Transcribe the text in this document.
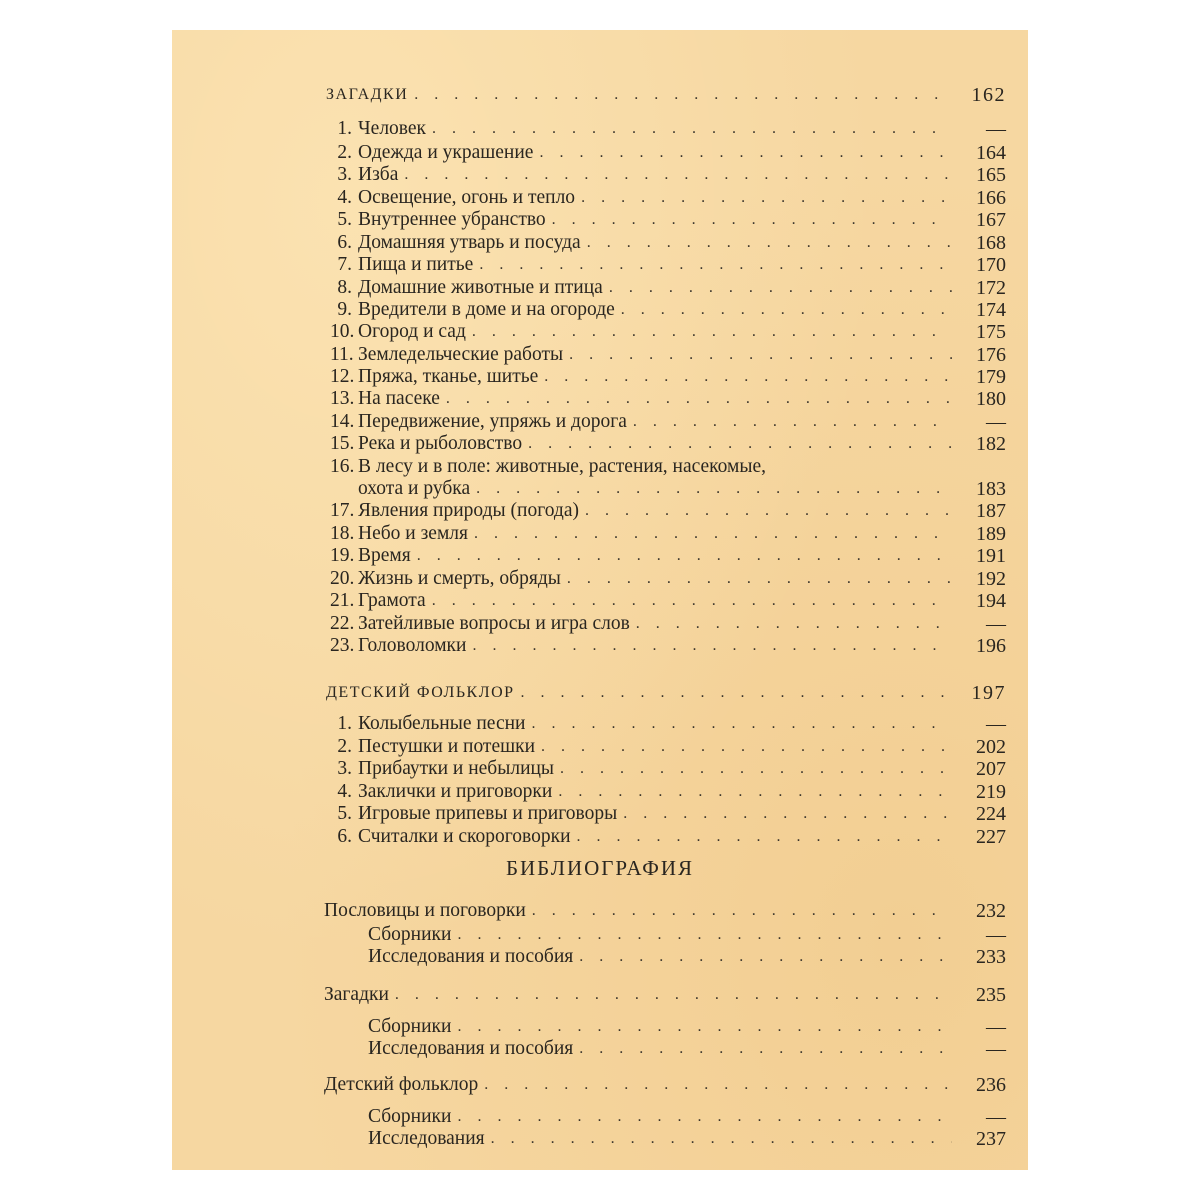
ЗАГАДКИ . . .	162
1. Человек . . .	—
2. Одежда и украшение . . .	164
3. Изба . . .	165
4. Освещение, огонь и тепло . . .	166
5. Внутреннее убранство . . .	167
6. Домашняя утварь и посуда . . .	168
7. Пища и питье . . .	170
8. Домашние животные и птица . . .	172
9. Вредители в доме и на огороде . . .	174
10. Огород и сад . . .	175
11. Земледельческие работы . . .	176
12. Пряжа, тканье, шитье . . .	179
13. На пасеке . . .	180
14. Передвижение, упряжь и дорога . . .	—
15. Река и рыболовство . . .	182
16. В лесу и в поле: животные, растения, насекомые,
охота и рубка . . .	183
17. Явления природы (погода) . . .	187
18. Небо и земля . . .	189
19. Время . . .	191
20. Жизнь и смерть, обряды . . .	192
21. Грамота . . .	194
22. Затейливые вопросы и игра слов . . .	—
23. Головоломки . . .	196
ДЕТСКИЙ ФОЛЬКЛОР . . .	197
1. Колыбельные песни . . .	—
2. Пестушки и потешки . . .	202
3. Прибаутки и небылицы . . .	207
4. Заклички и приговорки . . .	219
5. Игровые припевы и приговоры . . .	224
6. Считалки и скороговорки . . .	227
БИБЛИОГРАФИЯ
Пословицы и поговорки . . .	232
Сборники . . .	—
Исследования и пособия . . .	233
Загадки . . .	235
Сборники . . .	—
Исследования и пособия . . .	—
Детский фольклор . . .	236
Сборники . . .	—
Исследования . . .	237
